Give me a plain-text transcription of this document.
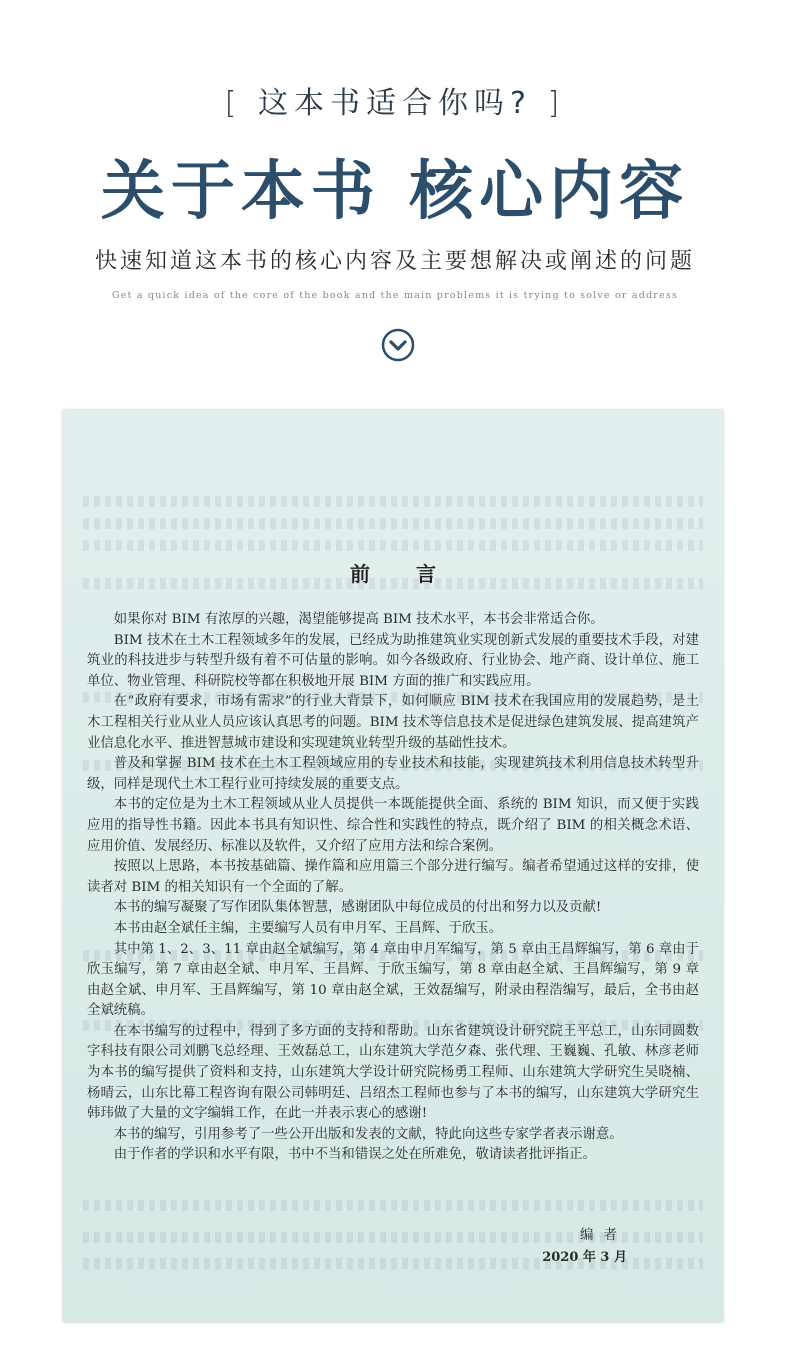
[ 这本书适合你吗? ]
关于本书 核心内容
快速知道这本书的核心内容及主要想解决或阐述的问题
Get a quick idea of the core of the book and the main problems it is trying to solve or address
前言

如果你对 BIM 有浓厚的兴趣，渴望能够提高 BIM 技术水平，本书会非常适合你。

BIM 技术在土木工程领域多年的发展，已经成为助推建筑业实现创新式发展的重要技术手段，对建筑业的科技进步与转型升级有着不可估量的影响。如今各级政府、行业协会、地产商、设计单位、施工单位、物业管理、科研院校等都在积极地开展 BIM 方面的推广和实践应用。

在“政府有要求，市场有需求”的行业大背景下，如何顺应 BIM 技术在我国应用的发展趋势，是土木工程相关行业从业人员应该认真思考的问题。BIM 技术等信息技术是促进绿色建筑发展、提高建筑产业信息化水平、推进智慧城市建设和实现建筑业转型升级的基础性技术。

普及和掌握 BIM 技术在土木工程领域应用的专业技术和技能，实现建筑技术利用信息技术转型升级，同样是现代土木工程行业可持续发展的重要支点。

本书的定位是为土木工程领域从业人员提供一本既能提供全面、系统的 BIM 知识，而又便于实践应用的指导性书籍。因此本书具有知识性、综合性和实践性的特点，既介绍了 BIM 的相关概念术语、应用价值、发展经历、标准以及软件，又介绍了应用方法和综合案例。

按照以上思路，本书按基础篇、操作篇和应用篇三个部分进行编写。编者希望通过这样的安排，使读者对 BIM 的相关知识有一个全面的了解。

本书的编写凝聚了写作团队集体智慧，感谢团队中每位成员的付出和努力以及贡献!

本书由赵全斌任主编，主要编写人员有申月军、王昌辉、于欣玉。

其中第 1、2、3、11 章由赵全斌编写，第 4 章由申月军编写，第 5 章由王昌辉编写，第 6 章由于欣玉编写，第 7 章由赵全斌、申月军、王昌辉、于欣玉编写，第 8 章由赵全斌、王昌辉编写，第 9 章由赵全斌、申月军、王昌辉编写，第 10 章由赵全斌，王效磊编写，附录由程浩编写，最后，全书由赵全斌统稿。

在本书编写的过程中，得到了多方面的支持和帮助。山东省建筑设计研究院王平总工，山东同圆数字科技有限公司刘鹏飞总经理、王效磊总工，山东建筑大学范夕森、张代理、王巍巍、孔敏、林彦老师为本书的编写提供了资料和支持，山东建筑大学设计研究院杨勇工程师、山东建筑大学研究生吴晓楠、杨晴云，山东比幕工程咨询有限公司韩明廷、吕绍杰工程师也参与了本书的编写，山东建筑大学研究生韩玮做了大量的文字编辑工作，在此一并表示衷心的感谢!

本书的编写，引用参考了一些公开出版和发表的文献，特此向这些专家学者表示谢意。

由于作者的学识和水平有限，书中不当和错误之处在所难免，敬请读者批评指正。

编者
2020 年 3 月
